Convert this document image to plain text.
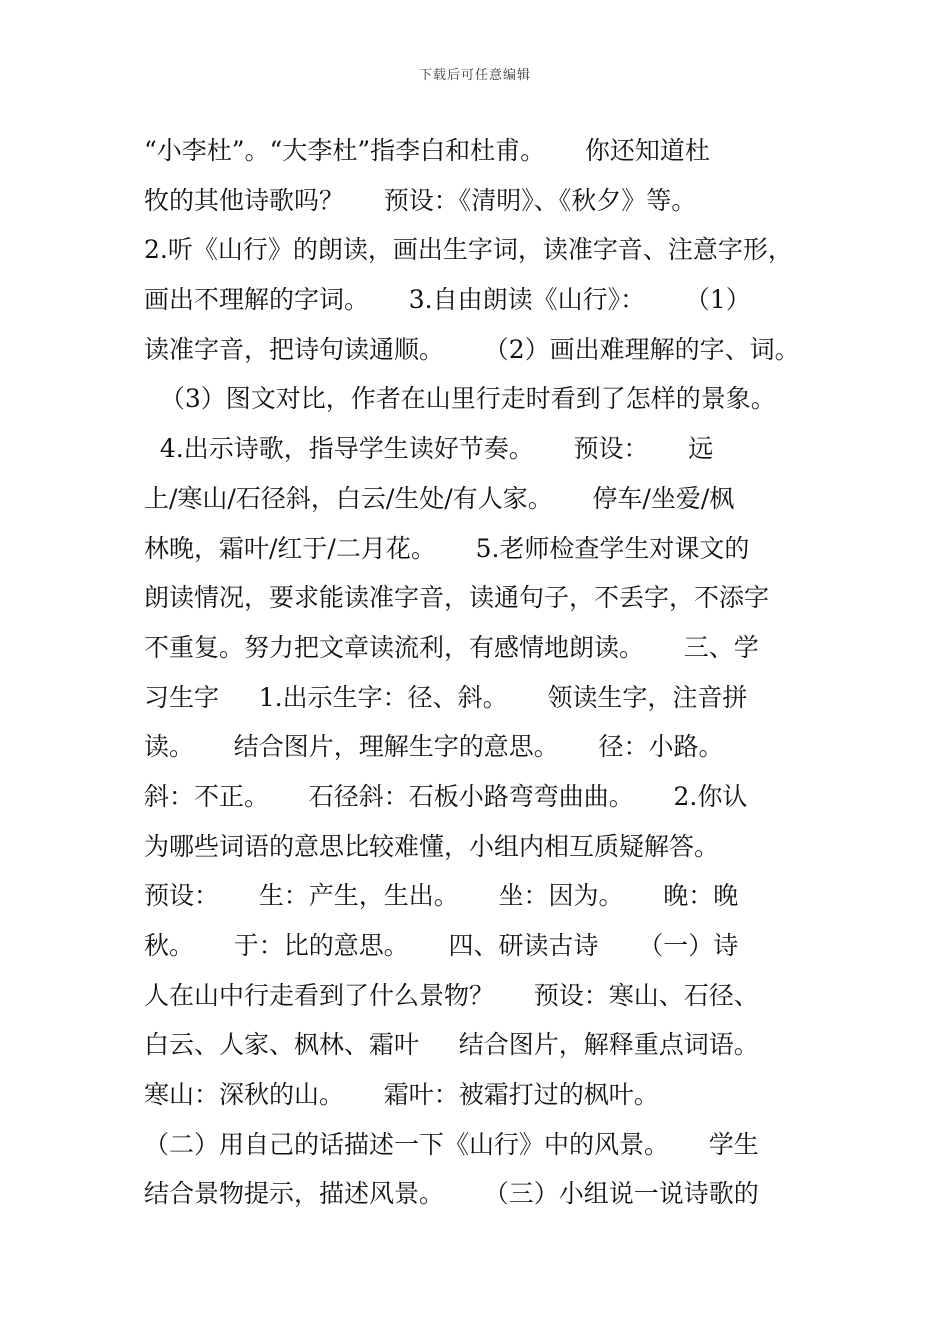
下载后可任意编辑
“小李杜”。“大李杜”指李白和杜甫。     你还知道杜
牧的其他诗歌吗？     预设：《清明》、《秋夕》等。
2.听《山行》的朗读，画出生字词，读准字音、注意字形，
画出不理解的字词。     3.自由朗读《山行》：     （1）
读准字音，把诗句读通顺。     （2）画出难理解的字、词。
（3）图文对比，作者在山里行走时看到了怎样的景象。
4.出示诗歌，指导学生读好节奏。     预设：     远
上/寒山/石径斜，白云/生处/有人家。     停车/坐爱/枫
林晚，霜叶/红于/二月花。     5.老师检查学生对课文的
朗读情况，要求能读准字音，读通句子，不丢字，不添字
不重复。努力把文章读流利，有感情地朗读。     三、学
习生字     1.出示生字：径、斜。     领读生字，注音拼
读。     结合图片，理解生字的意思。     径：小路。
斜：不正。     石径斜：石板小路弯弯曲曲。     2.你认
为哪些词语的意思比较难懂，小组内相互质疑解答。
预设：     生：产生，生出。     坐：因为。     晚：晚
秋。     于：比的意思。     四、研读古诗     （一）诗
人在山中行走看到了什么景物？     预设：寒山、石径、
白云、人家、枫林、霜叶     结合图片，解释重点词语。
寒山：深秋的山。     霜叶：被霜打过的枫叶。
（二）用自己的话描述一下《山行》中的风景。     学生
结合景物提示，描述风景。     （三）小组说一说诗歌的
